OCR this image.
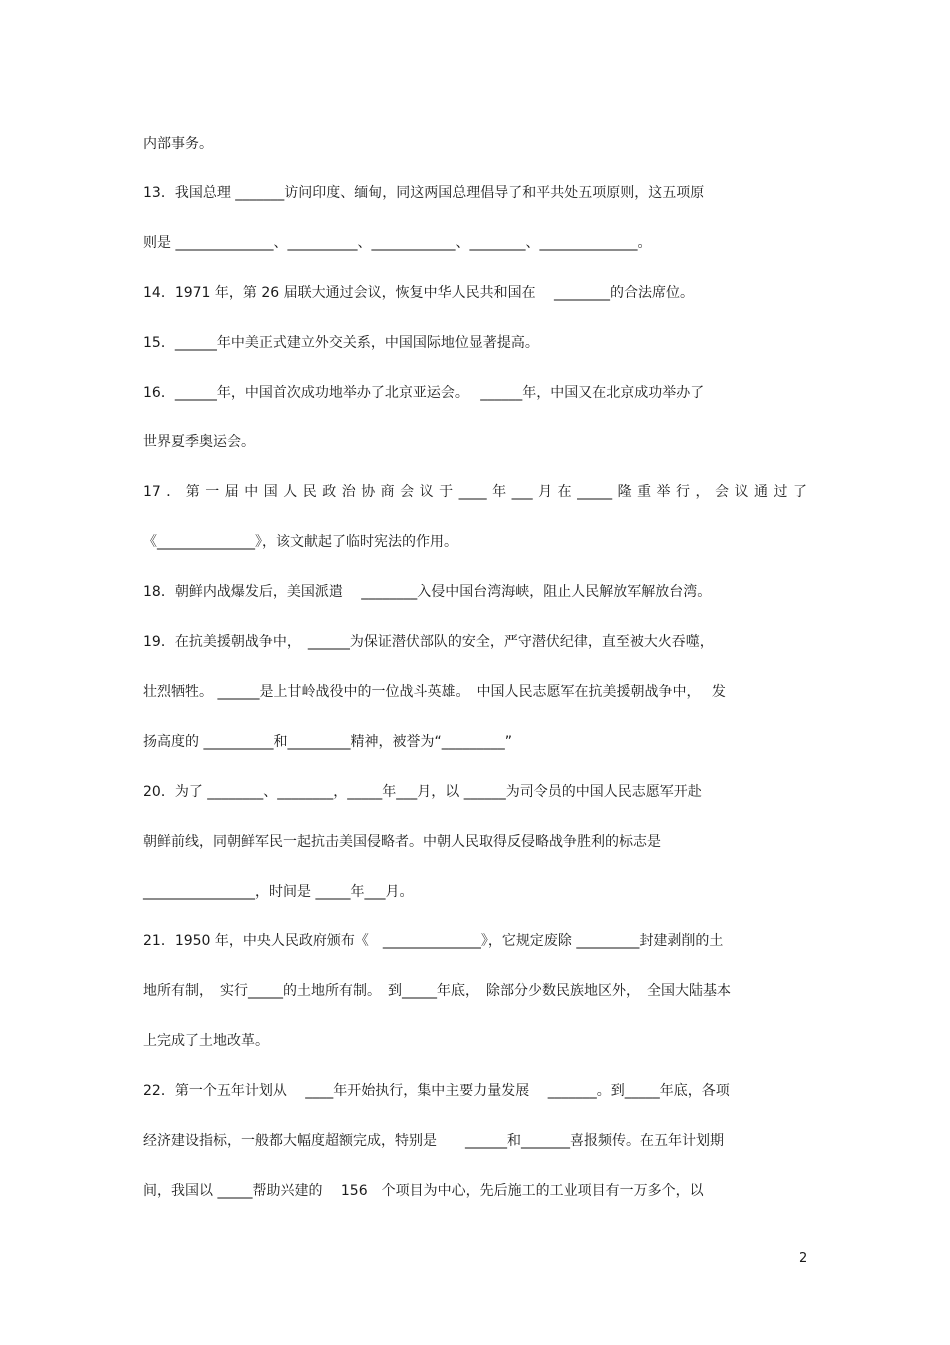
内部事务。
13．我国总理 _______访问印度、缅甸，同这两国总理倡导了和平共处五项原则，这五项原
则是 ______________、__________、____________、________、______________。
14．1971 年，第 26 届联大通过会议，恢复中华人民共和国在　 ________的合法席位。
15．______年中美正式建立外交关系，中国国际地位显著提高。
16．______年，中国首次成功地举办了北京亚运会。　 ______年，中国又在北京成功举办了
世界夏季奥运会。
17．第一届中国人民政治协商会议于____年___月在_____隆重举行，会议通过了
《______________》，该文献起了临时宪法的作用。
18．朝鲜内战爆发后，美国派遣　 ________入侵中国台湾海峡，阻止人民解放军解放台湾。
19．在抗美援朝战争中，　______为保证潜伏部队的安全，严守潜伏纪律，直至被大火吞噬，
壮烈牺牲。 ______是上甘岭战役中的一位战斗英雄。　中国人民志愿军在抗美援朝战争中，　 发
扬高度的 __________和_________精神，被誉为“_________”
20．为了 ________、________，_____年___月，以 ______为司令员的中国人民志愿军开赴
朝鲜前线，同朝鲜军民一起抗击美国侵略者。中朝人民取得反侵略战争胜利的标志是
________________，时间是 _____年___月。
21．1950 年，中央人民政府颁布《　______________》，它规定废除 _________封建剥削的土
地所有制，　实行_____的土地所有制。　到_____年底，　除部分少数民族地区外，　全国大陆基本
上完成了土地改革。
22．第一个五年计划从　 ____年开始执行，集中主要力量发展　 _______。到_____年底，各项
经济建设指标，一般都大幅度超额完成，特别是　　______和_______喜报频传。在五年计划期
间，我国以 _____帮助兴建的　 156　个项目为中心，先后施工的工业项目有一万多个，以
2
